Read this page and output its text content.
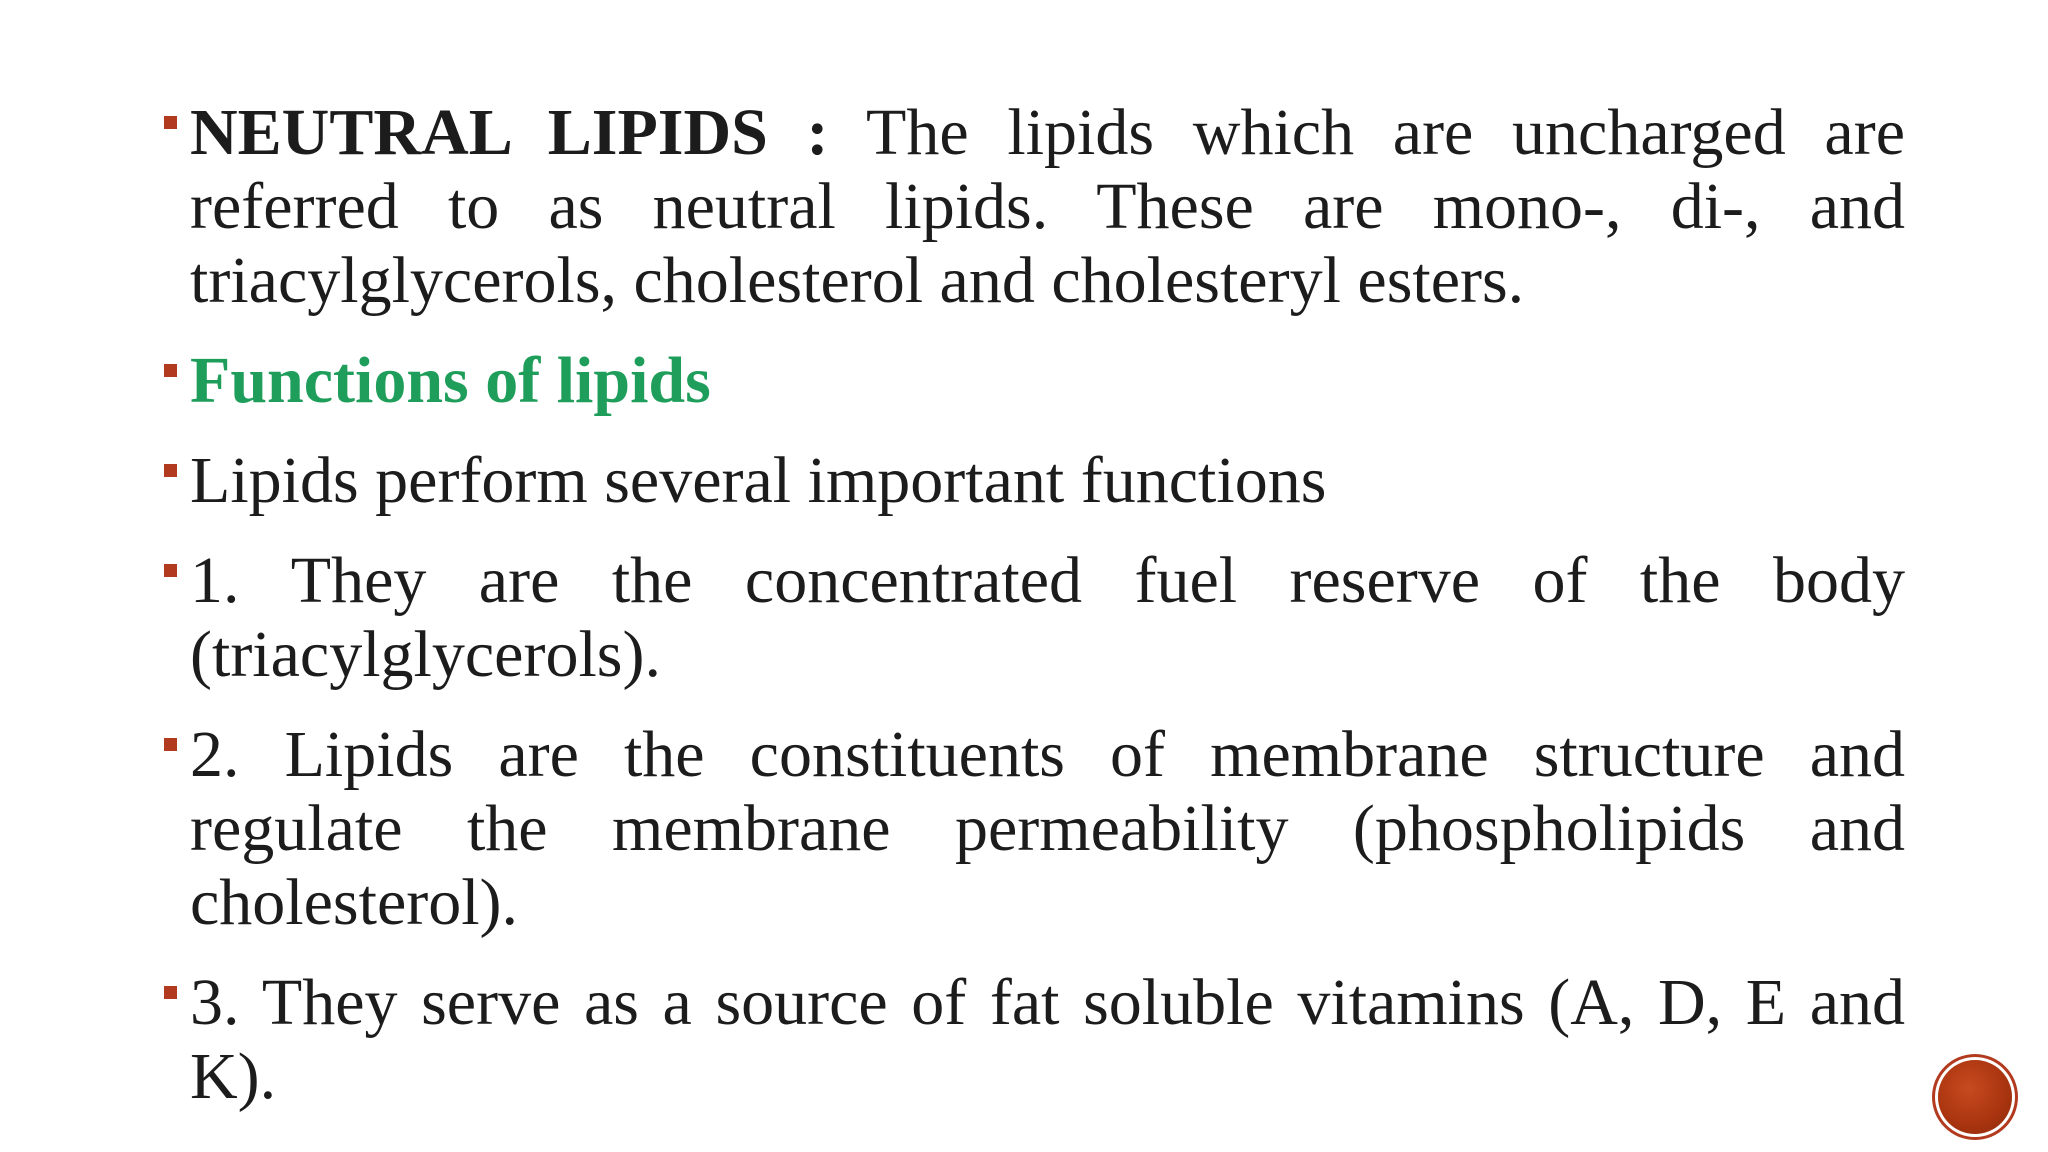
NEUTRAL LIPIDS : The lipids which are uncharged are referred to as neutral lipids. These are mono-, di-, and triacylglycerols, cholesterol and cholesteryl esters.
Functions of lipids
Lipids perform several important functions
1. They are the concentrated fuel reserve of the body (triacylglycerols).
2. Lipids are the constituents of membrane structure and regulate the membrane permeability (phospholipids and cholesterol).
3. They serve as a source of fat soluble vitamins (A, D, E and K).
